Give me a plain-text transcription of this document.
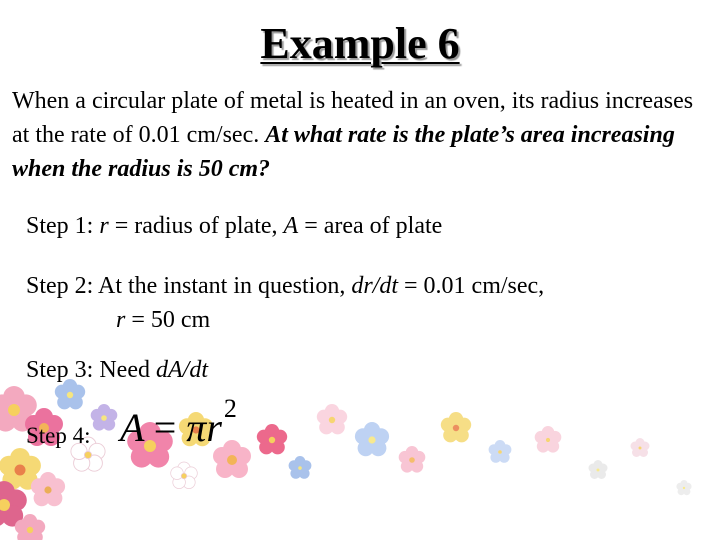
Example 6
When a circular plate of metal is heated in an oven, its radius increases at the rate of 0.01 cm/sec. At what rate is the plate’s area increasing when the radius is 50 cm?
Step 1: r = radius of plate, A = area of plate
Step 2: At the instant in question, dr/dt = 0.01 cm/sec,
r = 50 cm
Step 3: Need dA/dt
Step 4: $A = \pi r^2$
